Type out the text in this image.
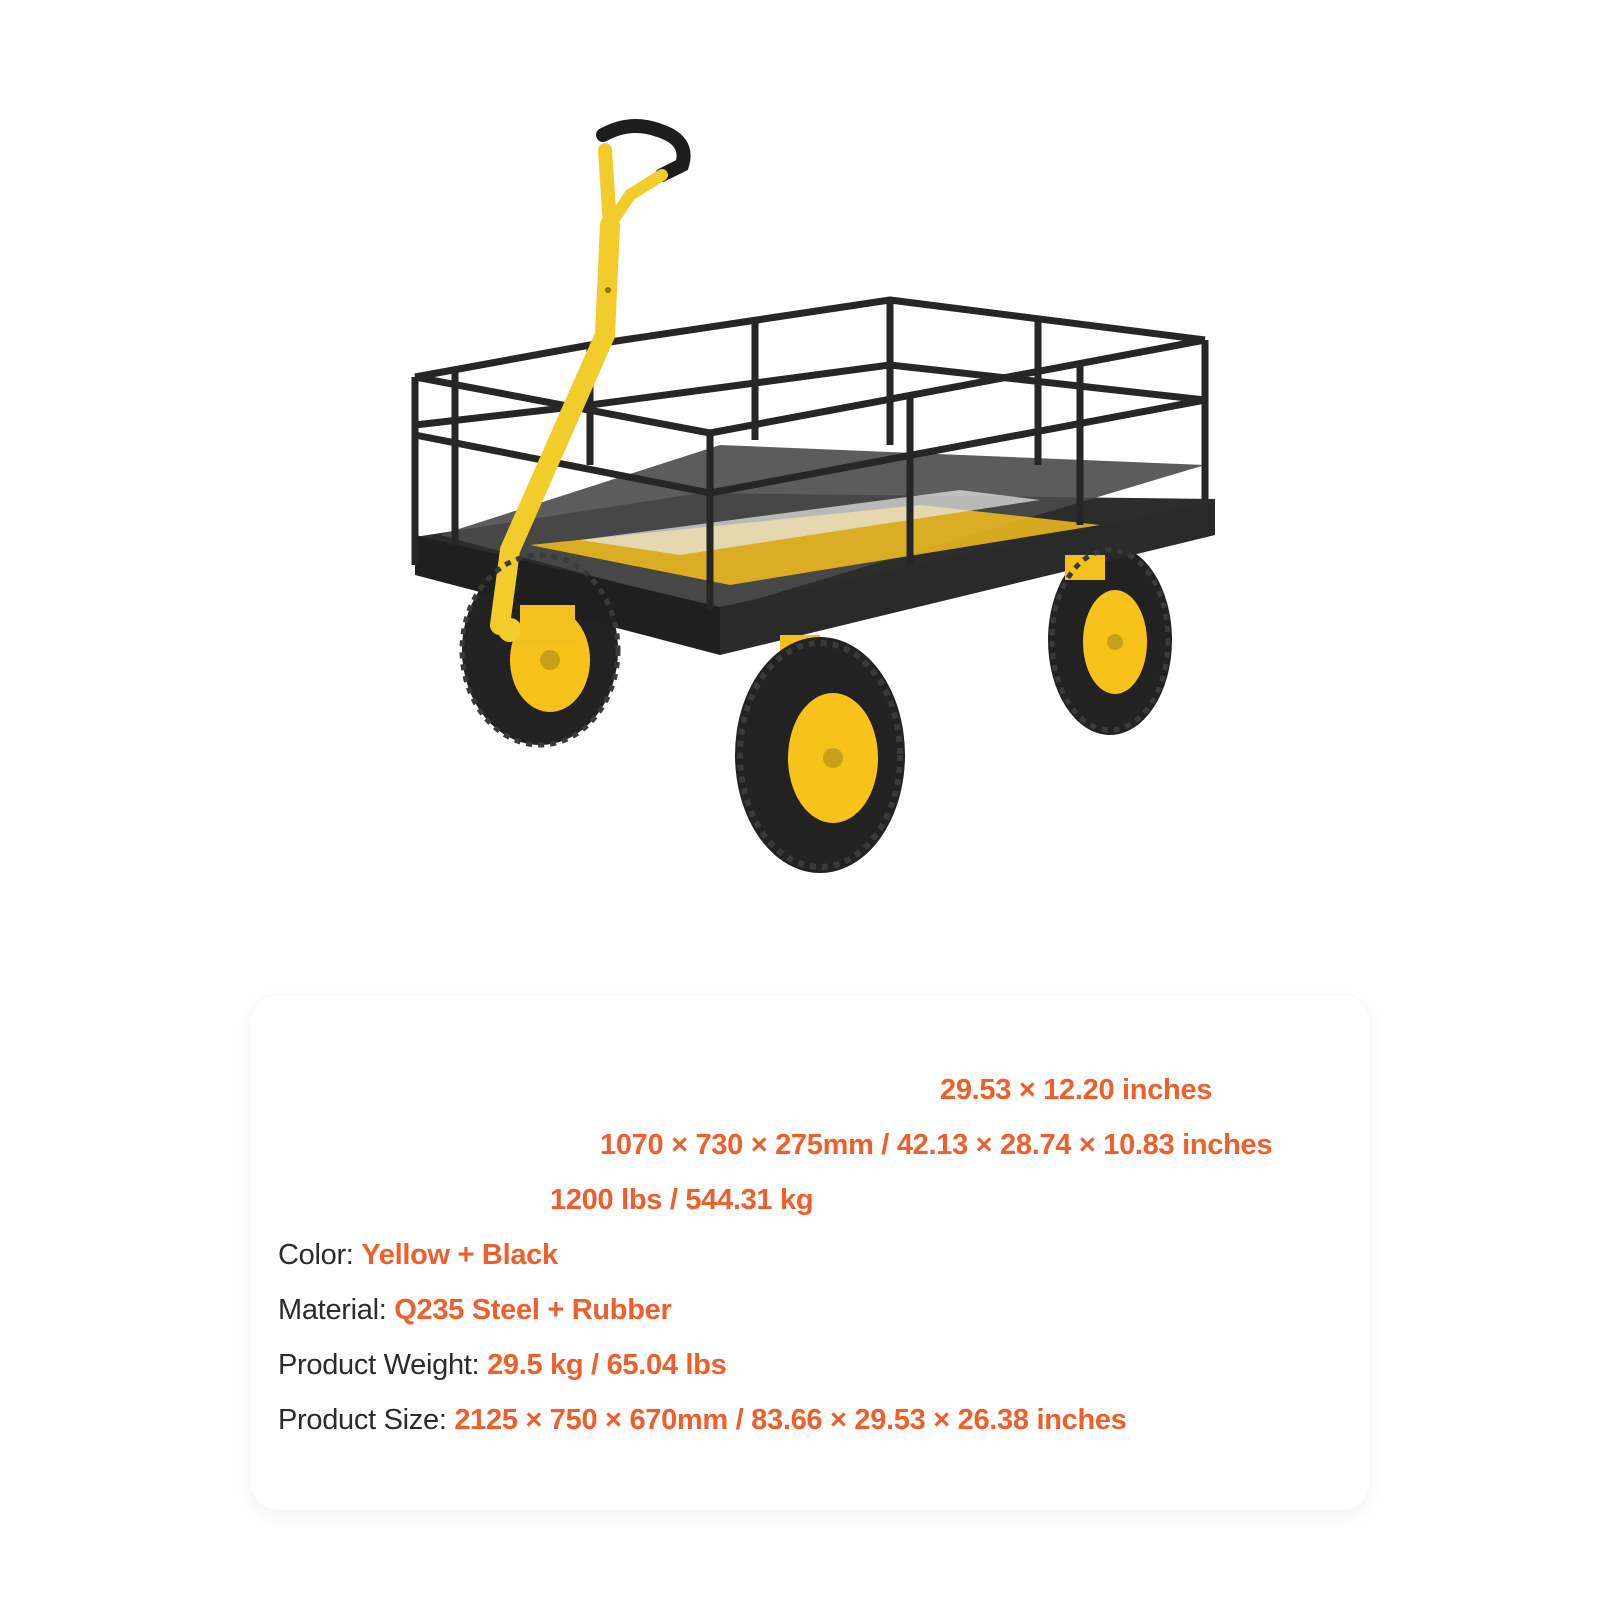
29.53 × 12.20 inches
1070 × 730 × 275mm / 42.13 × 28.74 × 10.83 inches
1200 lbs / 544.31 kg
Color: Yellow + Black
Material: Q235 Steel + Rubber
Product Weight: 29.5 kg / 65.04 lbs
Product Size: 2125 × 750 × 670mm / 83.66 × 29.53 × 26.38 inches
